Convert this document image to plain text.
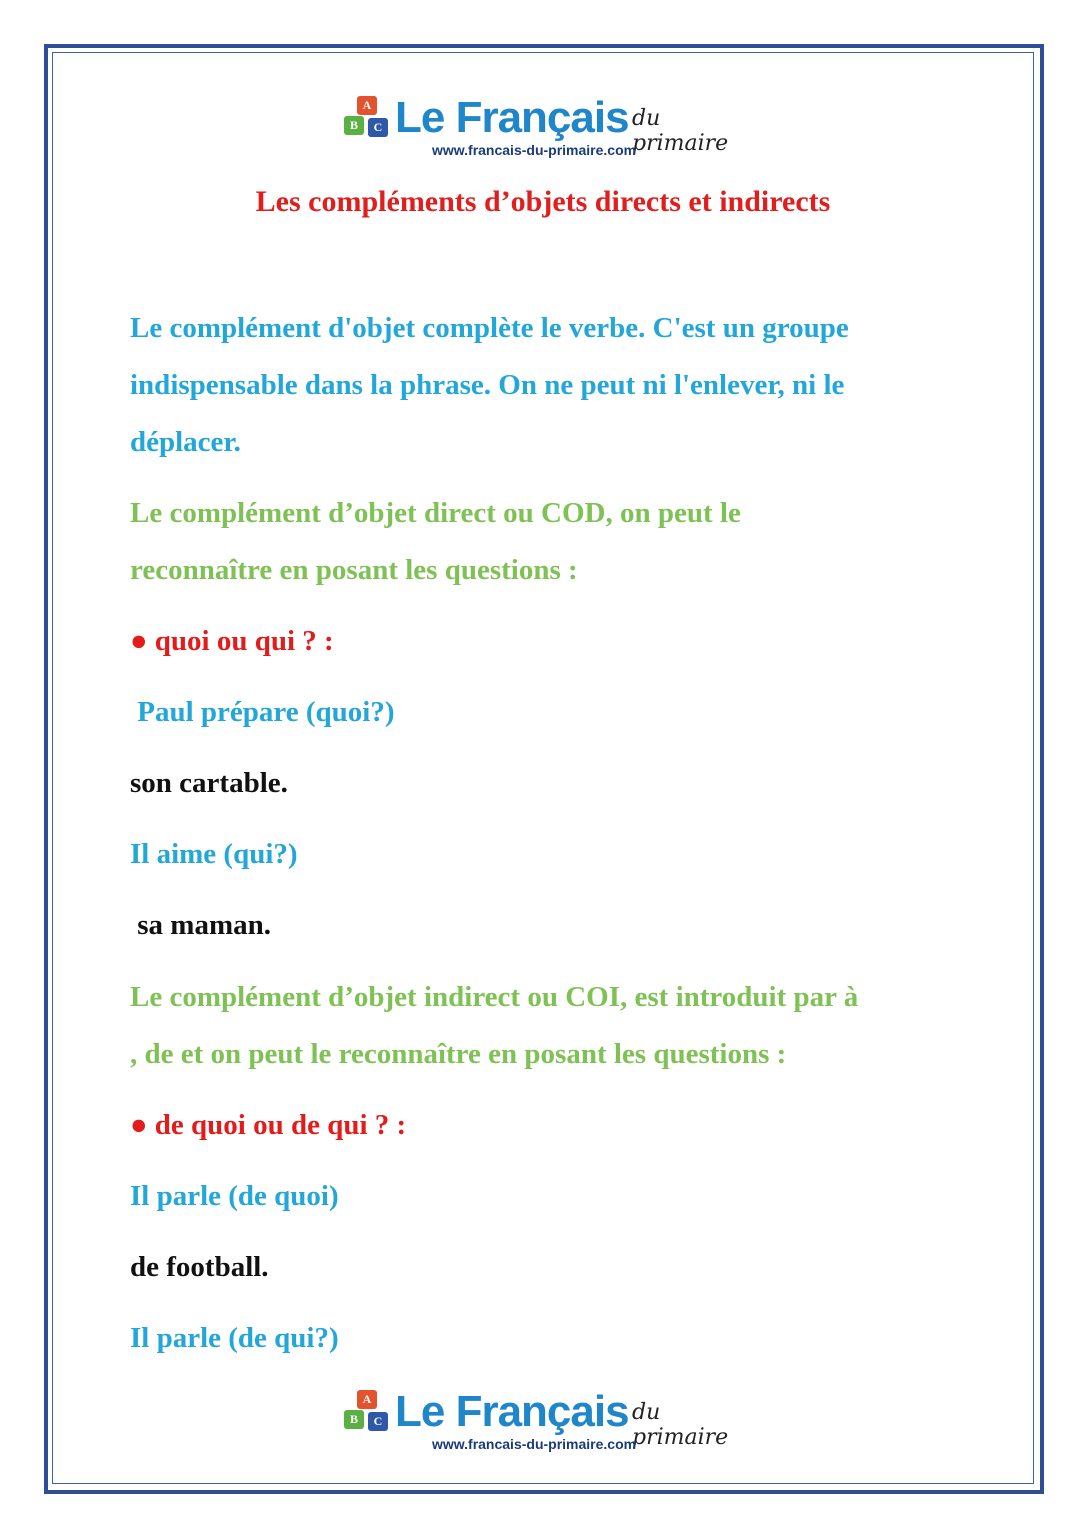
A
B	C Le Français du primaire
www.francais-du-primaire.com
Les compléments d’objets directs et indirects
Le complément d'objet complète le verbe. C'est un groupe
indispensable dans la phrase. On ne peut ni l'enlever, ni le
déplacer.
Le complément d’objet direct ou COD, on peut le
reconnaître en posant les questions :
● quoi ou qui ? :
Paul prépare (quoi?)
son cartable.
Il aime (qui?)
sa maman.
Le complément d’objet indirect ou COI, est introduit par à
, de et on peut le reconnaître en posant les questions :
● de quoi ou de qui ? :
Il parle (de quoi)
de football.
Il parle (de qui?)
A
B	C Le Français du primaire
www.francais-du-primaire.com
